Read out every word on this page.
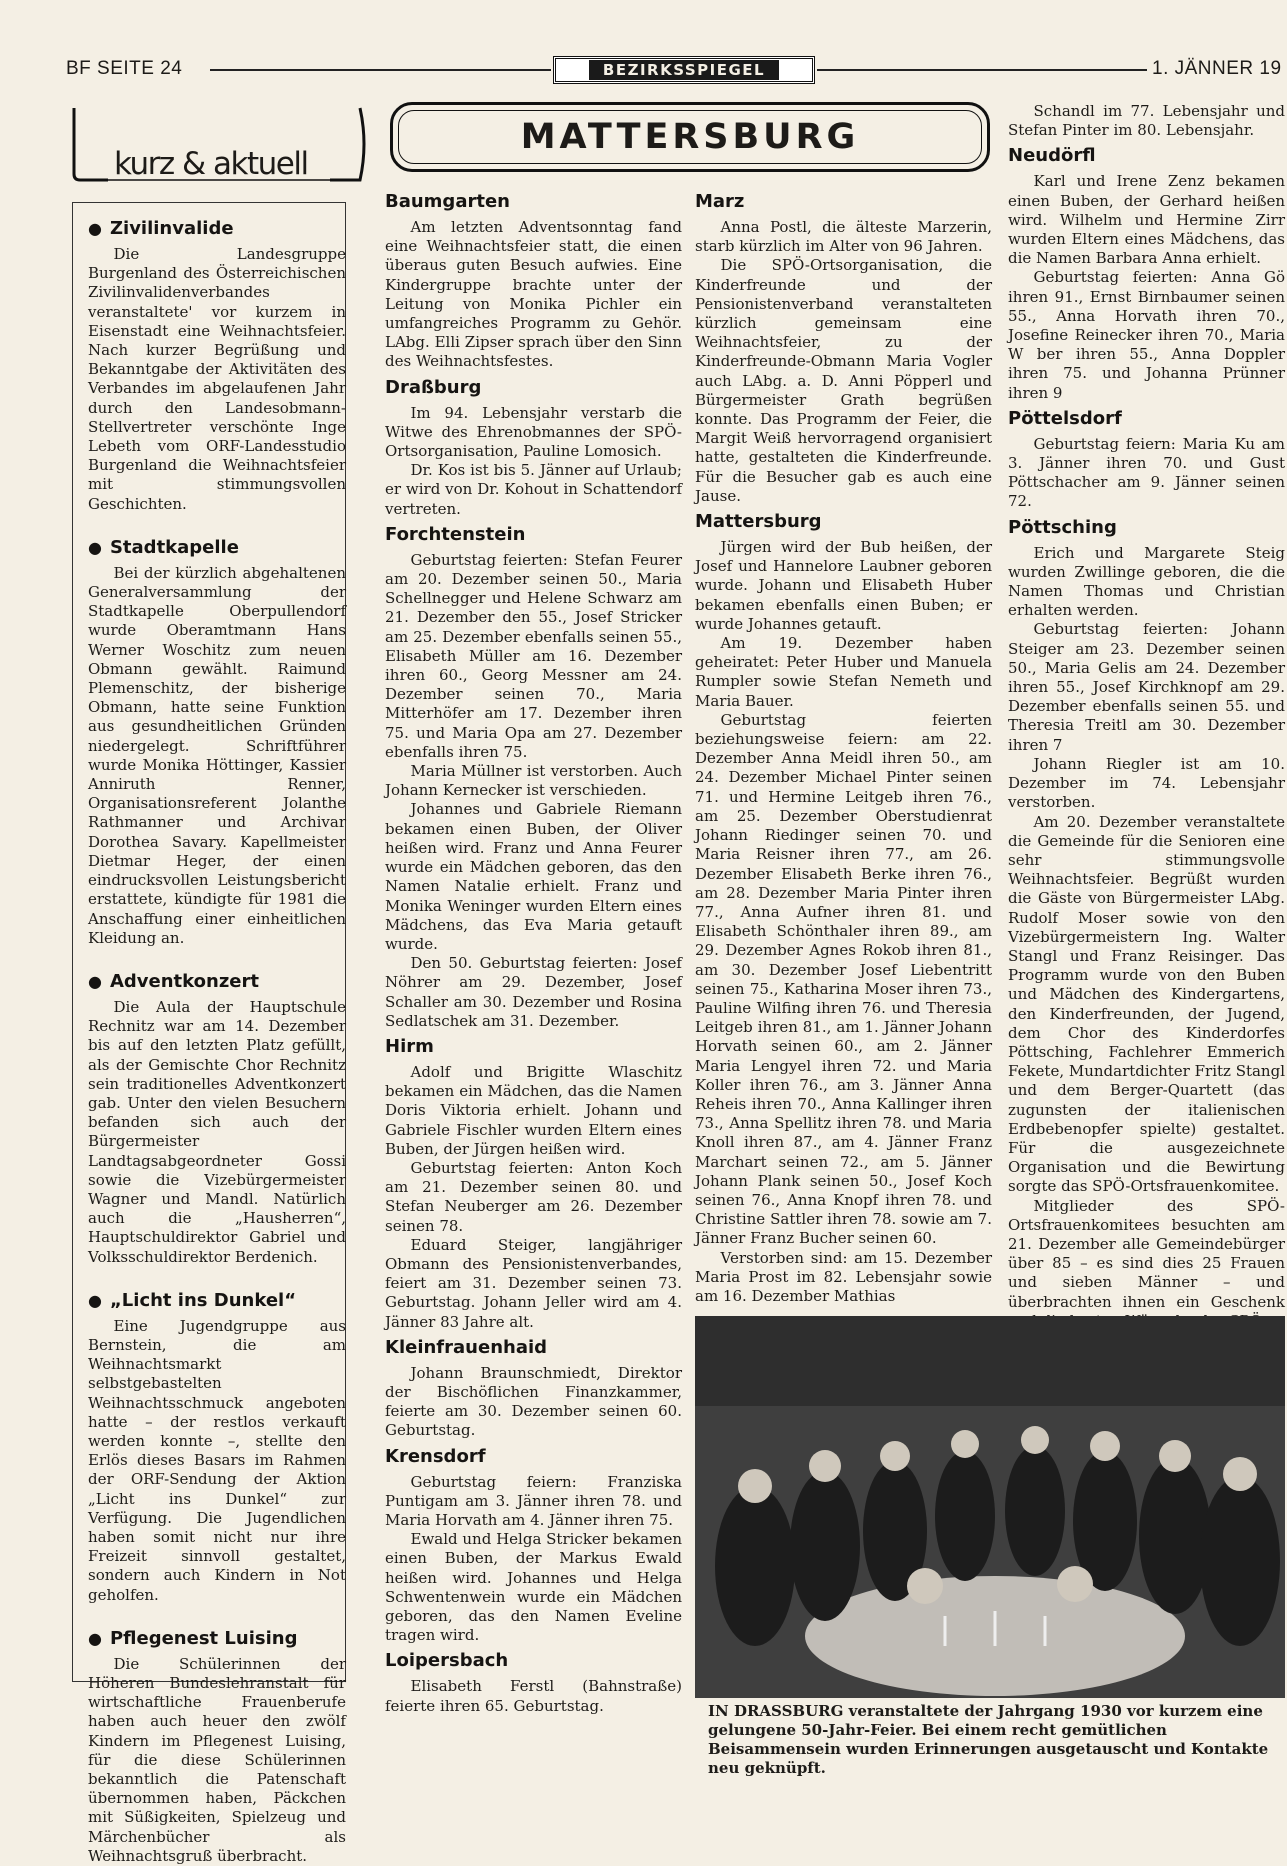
BF SEITE 24	BEZIRKSSPIEGEL	1. JÄNNER 19
kurz & aktuell
MATTERSBURG
● Zivilinvalide

Die Landesgruppe Burgenland des Österreichischen Zivilinvalidenverbandes veranstaltete' vor kurzem in Eisenstadt eine Weihnachtsfeier. Nach kurzer Begrüßung und Bekanntgabe der Aktivitäten des Verbandes im abgelaufenen Jahr durch den Landesobmann-Stellvertreter verschönte Inge Lebeth vom ORF-Landesstudio Burgenland die Weihnachtsfeier mit stimmungsvollen Geschichten.

● Stadtkapelle

Bei der kürzlich abgehaltenen Generalversammlung der Stadtkapelle Oberpullendorf wurde Oberamtmann Hans Werner Woschitz zum neuen Obmann gewählt. Raimund Plemenschitz, der bisherige Obmann, hatte seine Funktion aus gesundheitlichen Gründen niedergelegt. Schriftführer wurde Monika Höttinger, Kassier Anniruth Renner, Organisationsreferent Jolanthe Rathmanner und Archivar Dorothea Savary. Kapellmeister Dietmar Heger, der einen eindrucksvollen Leistungsbericht erstattete, kündigte für 1981 die Anschaffung einer einheitlichen Kleidung an.

● Adventkonzert

Die Aula der Hauptschule Rechnitz war am 14. Dezember bis auf den letzten Platz gefüllt, als der Gemischte Chor Rechnitz sein traditionelles Adventkonzert gab. Unter den vielen Besuchern befanden sich auch der Bürgermeister Landtagsabgeordneter Gossi sowie die Vizebürgermeister Wagner und Mandl. Natürlich auch die „Hausherren“, Hauptschuldirektor Gabriel und Volksschuldirektor Berdenich.

● „Licht ins Dunkel“

Eine Jugendgruppe aus Bernstein, die am Weihnachtsmarkt selbstgebastelten Weihnachtsschmuck angeboten hatte – der restlos verkauft werden konnte –, stellte den Erlös dieses Basars im Rahmen der ORF-Sendung der Aktion „Licht ins Dunkel“ zur Verfügung. Die Jugendlichen haben somit nicht nur ihre Freizeit sinnvoll gestaltet, sondern auch Kindern in Not geholfen.

● Pflegenest Luising

Die Schülerinnen der Höheren Bundeslehranstalt für wirtschaftliche Frauenberufe haben auch heuer den zwölf Kindern im Pflegenest Luising, für die diese Schülerinnen bekanntlich die Patenschaft übernommen haben, Päckchen mit Süßigkeiten, Spielzeug und Märchenbücher als Weihnachtsgruß überbracht.

Baumgarten

Am letzten Adventsonntag fand eine Weihnachtsfeier statt, die einen überaus guten Besuch aufwies. Eine Kindergruppe brachte unter der Leitung von Monika Pichler ein umfangreiches Programm zu Gehör. LAbg. Elli Zipser sprach über den Sinn des Weihnachtsfestes.

Draßburg

Im 94. Lebensjahr verstarb die Witwe des Ehrenobmannes der SPÖ-Ortsorganisation, Pauline Lomosich.

Dr. Kos ist bis 5. Jänner auf Urlaub; er wird von Dr. Kohout in Schattendorf vertreten.

Forchtenstein

Geburtstag feierten: Stefan Feurer am 20. Dezember seinen 50., Maria Schellnegger und Helene Schwarz am 21. Dezember den 55., Josef Stricker am 25. Dezember ebenfalls seinen 55., Elisabeth Müller am 16. Dezember ihren 60., Georg Messner am 24. Dezember seinen 70., Maria Mitterhöfer am 17. Dezember ihren 75. und Maria Opa am 27. Dezember ebenfalls ihren 75.

Maria Müllner ist verstorben. Auch Johann Kernecker ist verschieden.

Johannes und Gabriele Riemann bekamen einen Buben, der Oliver heißen wird. Franz und Anna Feurer wurde ein Mädchen geboren, das den Namen Natalie erhielt. Franz und Monika Weninger wurden Eltern eines Mädchens, das Eva Maria getauft wurde.

Den 50. Geburtstag feierten: Josef Nöhrer am 29. Dezember, Josef Schaller am 30. Dezember und Rosina Sedlatschek am 31. Dezember.

Hirm

Adolf und Brigitte Wlaschitz bekamen ein Mädchen, das die Namen Doris Viktoria erhielt. Johann und Gabriele Fischler wurden Eltern eines Buben, der Jürgen heißen wird.

Geburtstag feierten: Anton Koch am 21. Dezember seinen 80. und Stefan Neuberger am 26. Dezember seinen 78.

Eduard Steiger, langjähriger Obmann des Pensionistenverbandes, feiert am 31. Dezember seinen 73. Geburtstag. Johann Jeller wird am 4. Jänner 83 Jahre alt.

Kleinfrauenhaid

Johann Braunschmiedt, Direktor der Bischöflichen Finanzkammer, feierte am 30. Dezember seinen 60. Geburtstag.

Krensdorf

Geburtstag feiern: Franziska Puntigam am 3. Jänner ihren 78. und Maria Horvath am 4. Jänner ihren 75.

Ewald und Helga Stricker bekamen einen Buben, der Markus Ewald heißen wird. Johannes und Helga Schwentenwein wurde ein Mädchen geboren, das den Namen Eveline tragen wird.

Loipersbach

Elisabeth Ferstl (Bahnstraße) feierte ihren 65. Geburtstag.

Marz

Anna Postl, die älteste Marzerin, starb kürzlich im Alter von 96 Jahren.

Die SPÖ-Ortsorganisation, die Kinderfreunde und der Pensionistenverband veranstalteten kürzlich gemeinsam eine Weihnachtsfeier, zu der Kinderfreunde-Obmann Maria Vogler auch LAbg. a. D. Anni Pöpperl und Bürgermeister Grath begrüßen konnte. Das Programm der Feier, die Margit Weiß hervorragend organisiert hatte, gestalteten die Kinderfreunde. Für die Besucher gab es auch eine Jause.

Mattersburg

Jürgen wird der Bub heißen, der Josef und Hannelore Laubner geboren wurde. Johann und Elisabeth Huber bekamen ebenfalls einen Buben; er wurde Johannes getauft.

Am 19. Dezember haben geheiratet: Peter Huber und Manuela Rumpler sowie Stefan Nemeth und Maria Bauer.

Geburtstag feierten beziehungsweise feiern: am 22. Dezember Anna Meidl ihren 50., am 24. Dezember Michael Pinter seinen 71. und Hermine Leitgeb ihren 76., am 25. Dezember Oberstudienrat Johann Riedinger seinen 70. und Maria Reisner ihren 77., am 26. Dezember Elisabeth Berke ihren 76., am 28. Dezember Maria Pinter ihren 77., Anna Aufner ihren 81. und Elisabeth Schönthaler ihren 89., am 29. Dezember Agnes Rokob ihren 81., am 30. Dezember Josef Liebentritt seinen 75., Katharina Moser ihren 73., Pauline Wilfing ihren 76. und Theresia Leitgeb ihren 81., am 1. Jänner Johann Horvath seinen 60., am 2. Jänner Maria Lengyel ihren 72. und Maria Koller ihren 76., am 3. Jänner Anna Reheis ihren 70., Anna Kallinger ihren 73., Anna Spellitz ihren 78. und Maria Knoll ihren 87., am 4. Jänner Franz Marchart seinen 72., am 5. Jänner Johann Plank seinen 50., Josef Koch seinen 76., Anna Knopf ihren 78. und Christine Sattler ihren 78. sowie am 7. Jänner Franz Bucher seinen 60.

Verstorben sind: am 15. Dezember Maria Prost im 82. Lebensjahr sowie am 16. Dezember Mathias

Schandl im 77. Lebensjahr und Stefan Pinter im 80. Lebensjahr.

Neudörfl

Karl und Irene Zenz bekamen einen Buben, der Gerhard heißen wird. Wilhelm und Hermine Zirr wurden Eltern eines Mädchens, das die Namen Barbara Anna erhielt.

Geburtstag feierten: Anna Gö ihren 91., Ernst Birnbaumer seinen 55., Anna Horvath ihren 70., Josefine Reinecker ihren 70., Maria W ber ihren 55., Anna Doppler ihren 75. und Johanna Prünner ihren 9

Pöttelsdorf

Geburtstag feiern: Maria Ku am 3. Jänner ihren 70. und Gust Pöttschacher am 9. Jänner seinen 72.

Pöttsching

Erich und Margarete Steig wurden Zwillinge geboren, die die Namen Thomas und Christian erhalten werden.

Geburtstag feierten: Johann Steiger am 23. Dezember seinen 50., Maria Gelis am 24. Dezember ihren 55., Josef Kirchknopf am 29. Dezember ebenfalls seinen 55. und Theresia Treitl am 30. Dezember ihren 7

Johann Riegler ist am 10. Dezember im 74. Lebensjahr verstorben.

Am 20. Dezember veranstaltete die Gemeinde für die Senioren eine sehr stimmungsvolle Weihnachtsfeier. Begrüßt wurden die Gäste von Bürgermeister LAbg. Rudolf Moser sowie von den Vizebürgermeistern Ing. Walter Stangl und Franz Reisinger. Das Programm wurde von den Buben und Mädchen des Kindergartens, den Kinderfreunden, der Jugend, dem Chor des Kinderdorfes Pöttsching, Fachlehrer Emmerich Fekete, Mundartdichter Fritz Stangl und dem Berger-Quartett (das zugunsten der italienischen Erdbebenopfer spielte) gestaltet. Für die ausgezeichnete Organisation und die Bewirtung sorgte das SPÖ-Ortsfrauenkomitee.

Mitglieder des SPÖ-Ortsfrauenkomitees besuchten am 21. Dezember alle Gemeindebürger über 85 – es sind dies 25 Frauen und sieben Männer – und überbrachten ihnen ein Geschenk

IN DRASSBURG veranstaltete der Jahrgang 1930 vor kurzem eine gelungene 50-Jahr-Feier. Bei einem recht gemütlichen Beisammensein wurden Erinnerungen ausgetauscht und Kontakte neu geknüpft.
